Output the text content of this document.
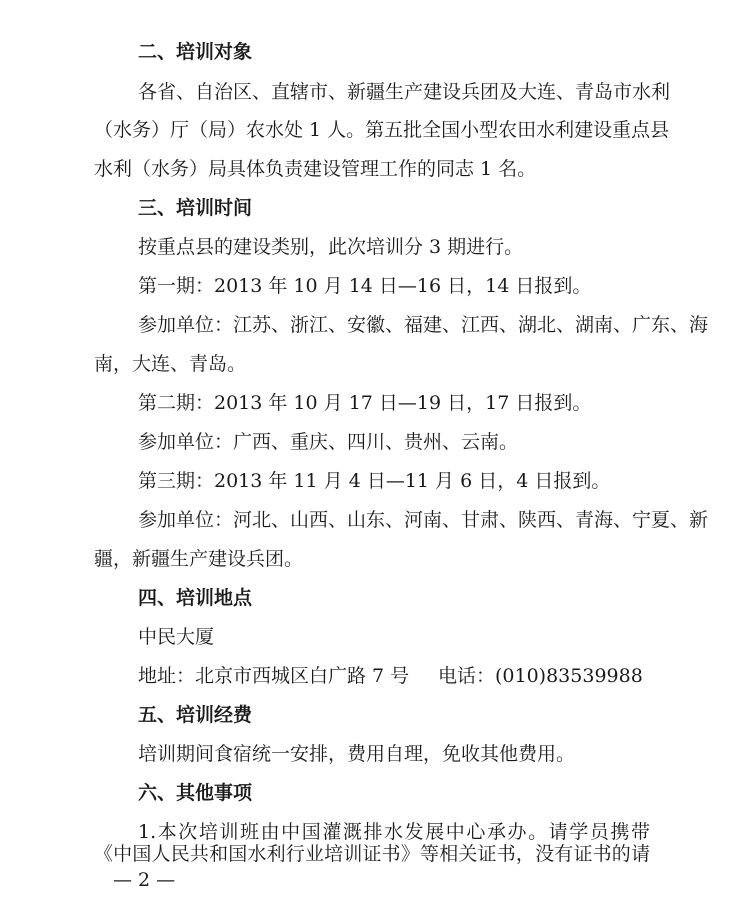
二、培训对象
各省、自治区、直辖市、新疆生产建设兵团及大连、青岛市水利
（水务）厅（局）农水处 1 人。第五批全国小型农田水利建设重点县
水利（水务）局具体负责建设管理工作的同志 1 名。
三、培训时间
按重点县的建设类别，此次培训分 3 期进行。
第一期：2013 年 10 月 14 日—16 日，14 日报到。
参加单位：江苏、浙江、安徽、福建、江西、湖北、湖南、广东、海
南，大连、青岛。
第二期：2013 年 10 月 17 日—19 日，17 日报到。
参加单位：广西、重庆、四川、贵州、云南。
第三期：2013 年 11 月 4 日—11 月 6 日，4 日报到。
参加单位：河北、山西、山东、河南、甘肃、陕西、青海、宁夏、新
疆，新疆生产建设兵团。
四、培训地点
中民大厦
地址：北京市西城区白广路 7 号 电话：(010)83539988
五、培训经费
培训期间食宿统一安排，费用自理，免收其他费用。
六、其他事项
1.本次培训班由中国灌溉排水发展中心承办。请学员携带
《中国人民共和国水利行业培训证书》等相关证书，没有证书的请
— 2 —
